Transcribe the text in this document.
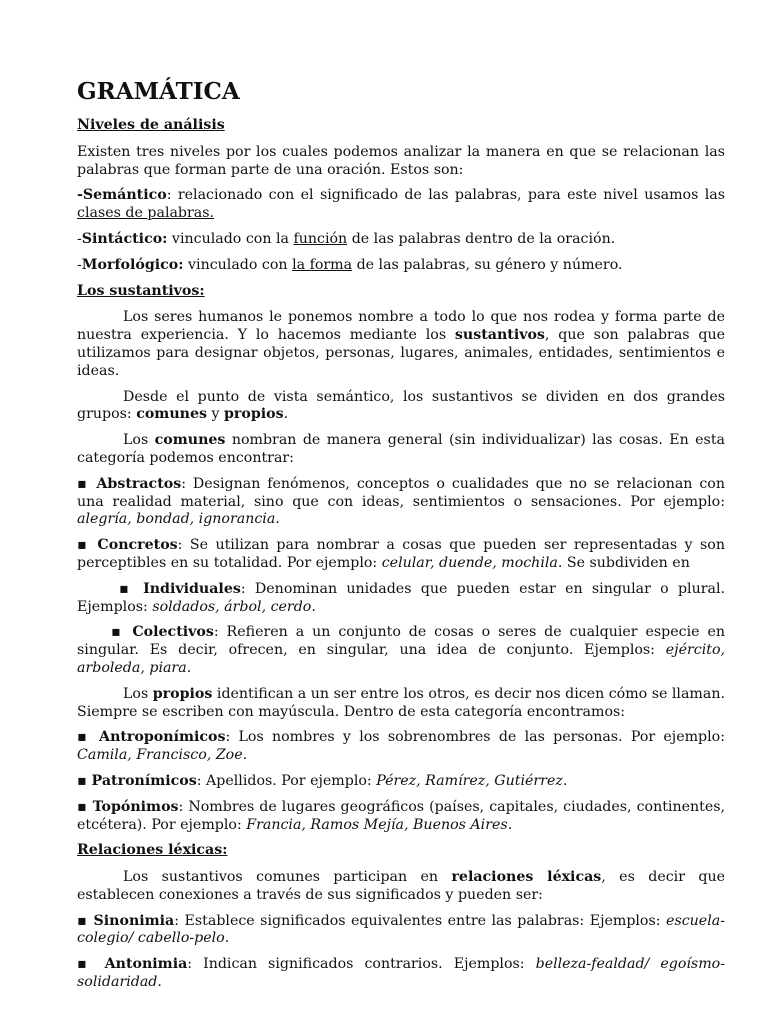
GRAMÁTICA
Niveles de análisis

Existen tres niveles por los cuales podemos analizar la manera en que se relacionan las palabras que forman parte de una oración. Estos son:

-Semántico: relacionado con el significado de las palabras, para este nivel usamos las clases de palabras.

-Sintáctico: vinculado con la función de las palabras dentro de la oración.

-Morfológico: vinculado con la forma de las palabras, su género y número.

Los sustantivos:

Los seres humanos le ponemos nombre a todo lo que nos rodea y forma parte de nuestra experiencia. Y lo hacemos mediante los sustantivos, que son palabras que utilizamos para designar objetos, personas, lugares, animales, entidades, sentimientos e ideas.

Desde el punto de vista semántico, los sustantivos se dividen en dos grandes grupos: comunes y propios.

Los comunes nombran de manera general (sin individualizar) las cosas. En esta categoría podemos encontrar:

▪ Abstractos: Designan fenómenos, conceptos o cualidades que no se relacionan con una realidad material, sino que con ideas, sentimientos o sensaciones. Por ejemplo: alegría, bondad, ignorancia.

▪ Concretos: Se utilizan para nombrar a cosas que pueden ser representadas y son perceptibles en su totalidad. Por ejemplo: celular, duende, mochila. Se subdividen en

▪ Individuales: Denominan unidades que pueden estar en singular o plural. Ejemplos: soldados, árbol, cerdo.

▪ Colectivos: Refieren a un conjunto de cosas o seres de cualquier especie en singular. Es decir, ofrecen, en singular, una idea de conjunto. Ejemplos: ejército, arboleda, piara.

Los propios identifican a un ser entre los otros, es decir nos dicen cómo se llaman. Siempre se escriben con mayúscula. Dentro de esta categoría encontramos:

▪ Antroponímicos: Los nombres y los sobrenombres de las personas. Por ejemplo: Camila, Francisco, Zoe.

▪ Patronímicos: Apellidos. Por ejemplo: Pérez, Ramírez, Gutiérrez.

▪ Topónimos: Nombres de lugares geográficos (países, capitales, ciudades, continentes, etcétera). Por ejemplo: Francia, Ramos Mejía, Buenos Aires.

Relaciones léxicas:

Los sustantivos comunes participan en relaciones léxicas, es decir que establecen conexiones a través de sus significados y pueden ser:

▪ Sinonimia: Establece significados equivalentes entre las palabras: Ejemplos: escuela-colegio/ cabello-pelo.

▪ Antonimia: Indican significados contrarios. Ejemplos: belleza-fealdad/ egoísmo-solidaridad.
